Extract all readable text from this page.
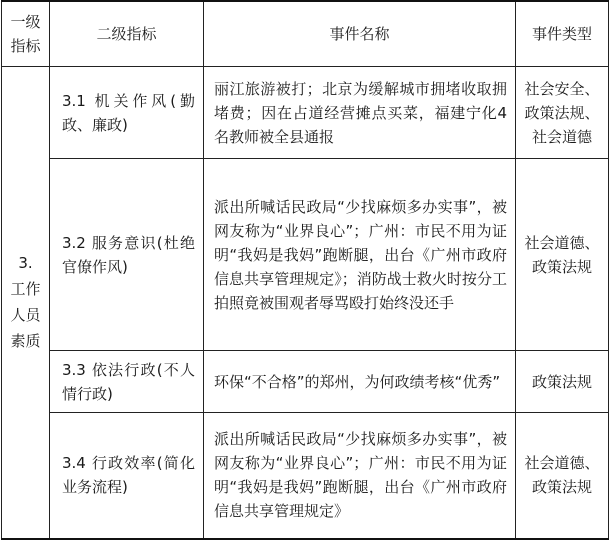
一级
指标	二级指标	事件名称	事件类型
3.
工作
人员
素质	3.1 机关作风(勤政、廉政)	丽江旅游被打；北京为缓解城市拥堵收取拥堵费；因在占道经营摊点买菜，福建宁化4名教师被全县通报	社会安全、
政策法规、
社会道德
	3.2 服务意识(杜绝官僚作风)	派出所喊话民政局“少找麻烦多办实事”，被网友称为“业界良心”；广州：市民不用为证明“我妈是我妈”跑断腿，出台《广州市政府信息共享管理规定》；消防战士救火时按分工拍照竟被围观者辱骂殴打始终没还手	社会道德、
政策法规
	3.3 依法行政(不人情行政)	环保“不合格”的郑州，为何政绩考核“优秀”	政策法规
	3.4 行政效率(简化业务流程)	派出所喊话民政局“少找麻烦多办实事”，被网友称为“业界良心”；广州：市民不用为证明“我妈是我妈”跑断腿，出台《广州市政府信息共享管理规定》	社会道德、
政策法规
